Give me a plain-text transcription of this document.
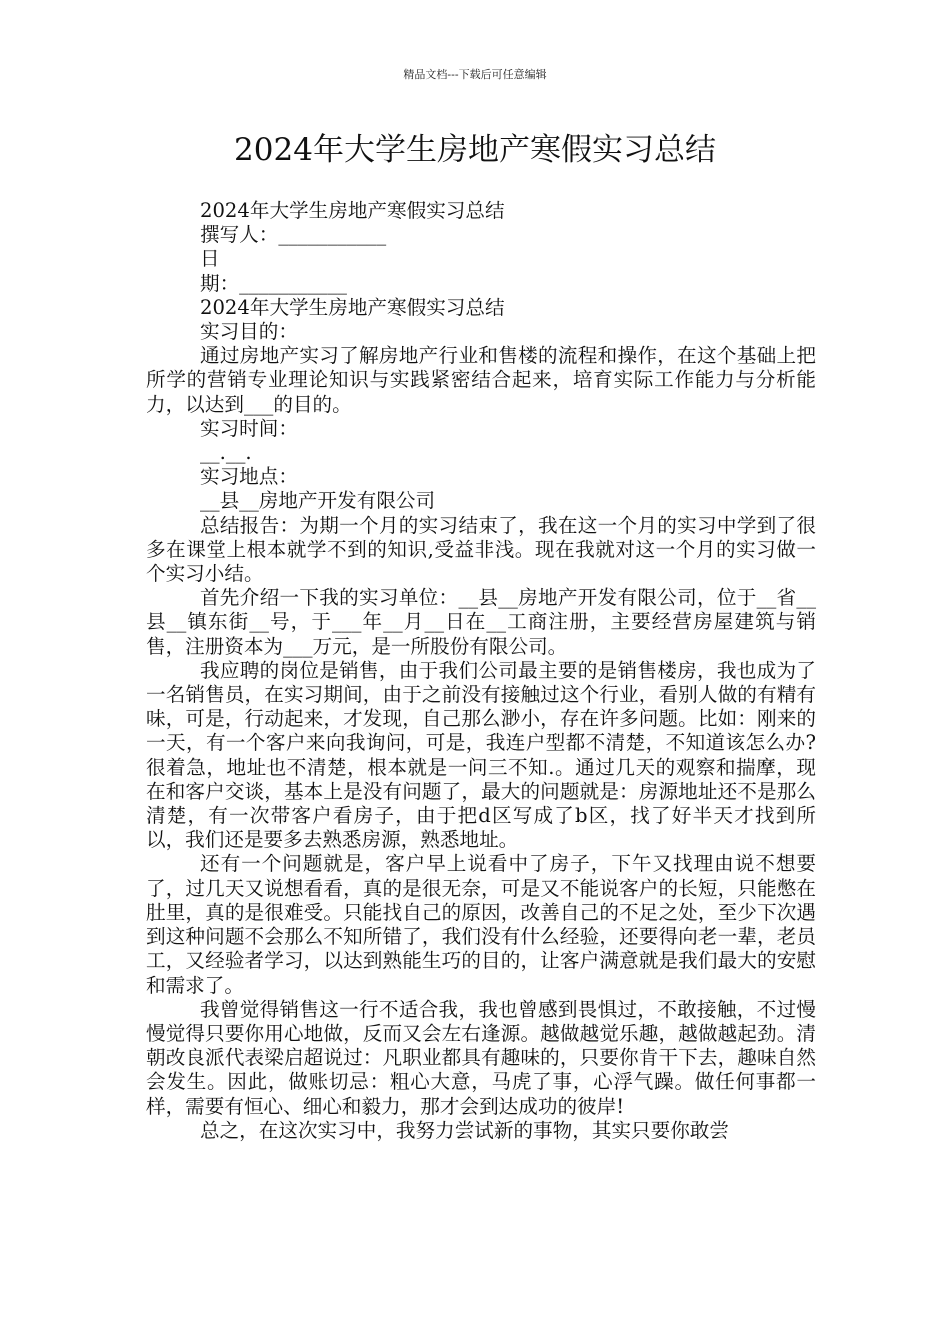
精品文档---下载后可任意编辑
2024年大学生房地产寒假实习总结
2024年大学生房地产寒假实习总结
撰写人：___________
日
期：___________
2024年大学生房地产寒假实习总结
实习目的：

通过房地产实习了解房地产行业和售楼的流程和操作，在这个基础上把所学的营销专业理论知识与实践紧密结合起来，培育实际工作能力与分析能力，以达到___的目的。

实习时间：
__.__.
实习地点：
__县__房地产开发有限公司

总结报告：为期一个月的实习结束了，我在这一个月的实习中学到了很多在课堂上根本就学不到的知识,受益非浅。现在我就对这一个月的实习做一个实习小结。

首先介绍一下我的实习单位：__县__房地产开发有限公司，位于__省__县__镇东街__号，于___年__月__日在__工商注册，主要经营房屋建筑与销售，注册资本为___万元，是一所股份有限公司。

我应聘的岗位是销售，由于我们公司最主要的是销售楼房，我也成为了一名销售员，在实习期间，由于之前没有接触过这个行业，看别人做的有精有味，可是，行动起来，才发现，自己那么渺小，存在许多问题。比如：刚来的一天，有一个客户来向我询问，可是，我连户型都不清楚，不知道该怎么办?很着急，地址也不清楚，根本就是一问三不知.。通过几天的观察和揣摩，现在和客户交谈，基本上是没有问题了，最大的问题就是：房源地址还不是那么清楚，有一次带客户看房子，由于把d区写成了b区，找了好半天才找到所以，我们还是要多去熟悉房源，熟悉地址。

还有一个问题就是，客户早上说看中了房子，下午又找理由说不想要了，过几天又说想看看，真的是很无奈，可是又不能说客户的长短，只能憋在肚里，真的是很难受。只能找自己的原因，改善自己的不足之处，至少下次遇到这种问题不会那么不知所错了，我们没有什么经验，还要得向老一辈，老员工，又经验者学习，以达到熟能生巧的目的，让客户满意就是我们最大的安慰和需求了。

我曾觉得销售这一行不适合我，我也曾感到畏惧过，不敢接触，不过慢慢觉得只要你用心地做，反而又会左右逢源。越做越觉乐趣，越做越起劲。清朝改良派代表梁启超说过：凡职业都具有趣味的，只要你肯干下去，趣味自然会发生。因此，做账切忌：粗心大意，马虎了事，心浮气躁。做任何事都一样，需要有恒心、细心和毅力，那才会到达成功的彼岸!

总之，在这次实习中，我努力尝试新的事物，其实只要你敢尝
